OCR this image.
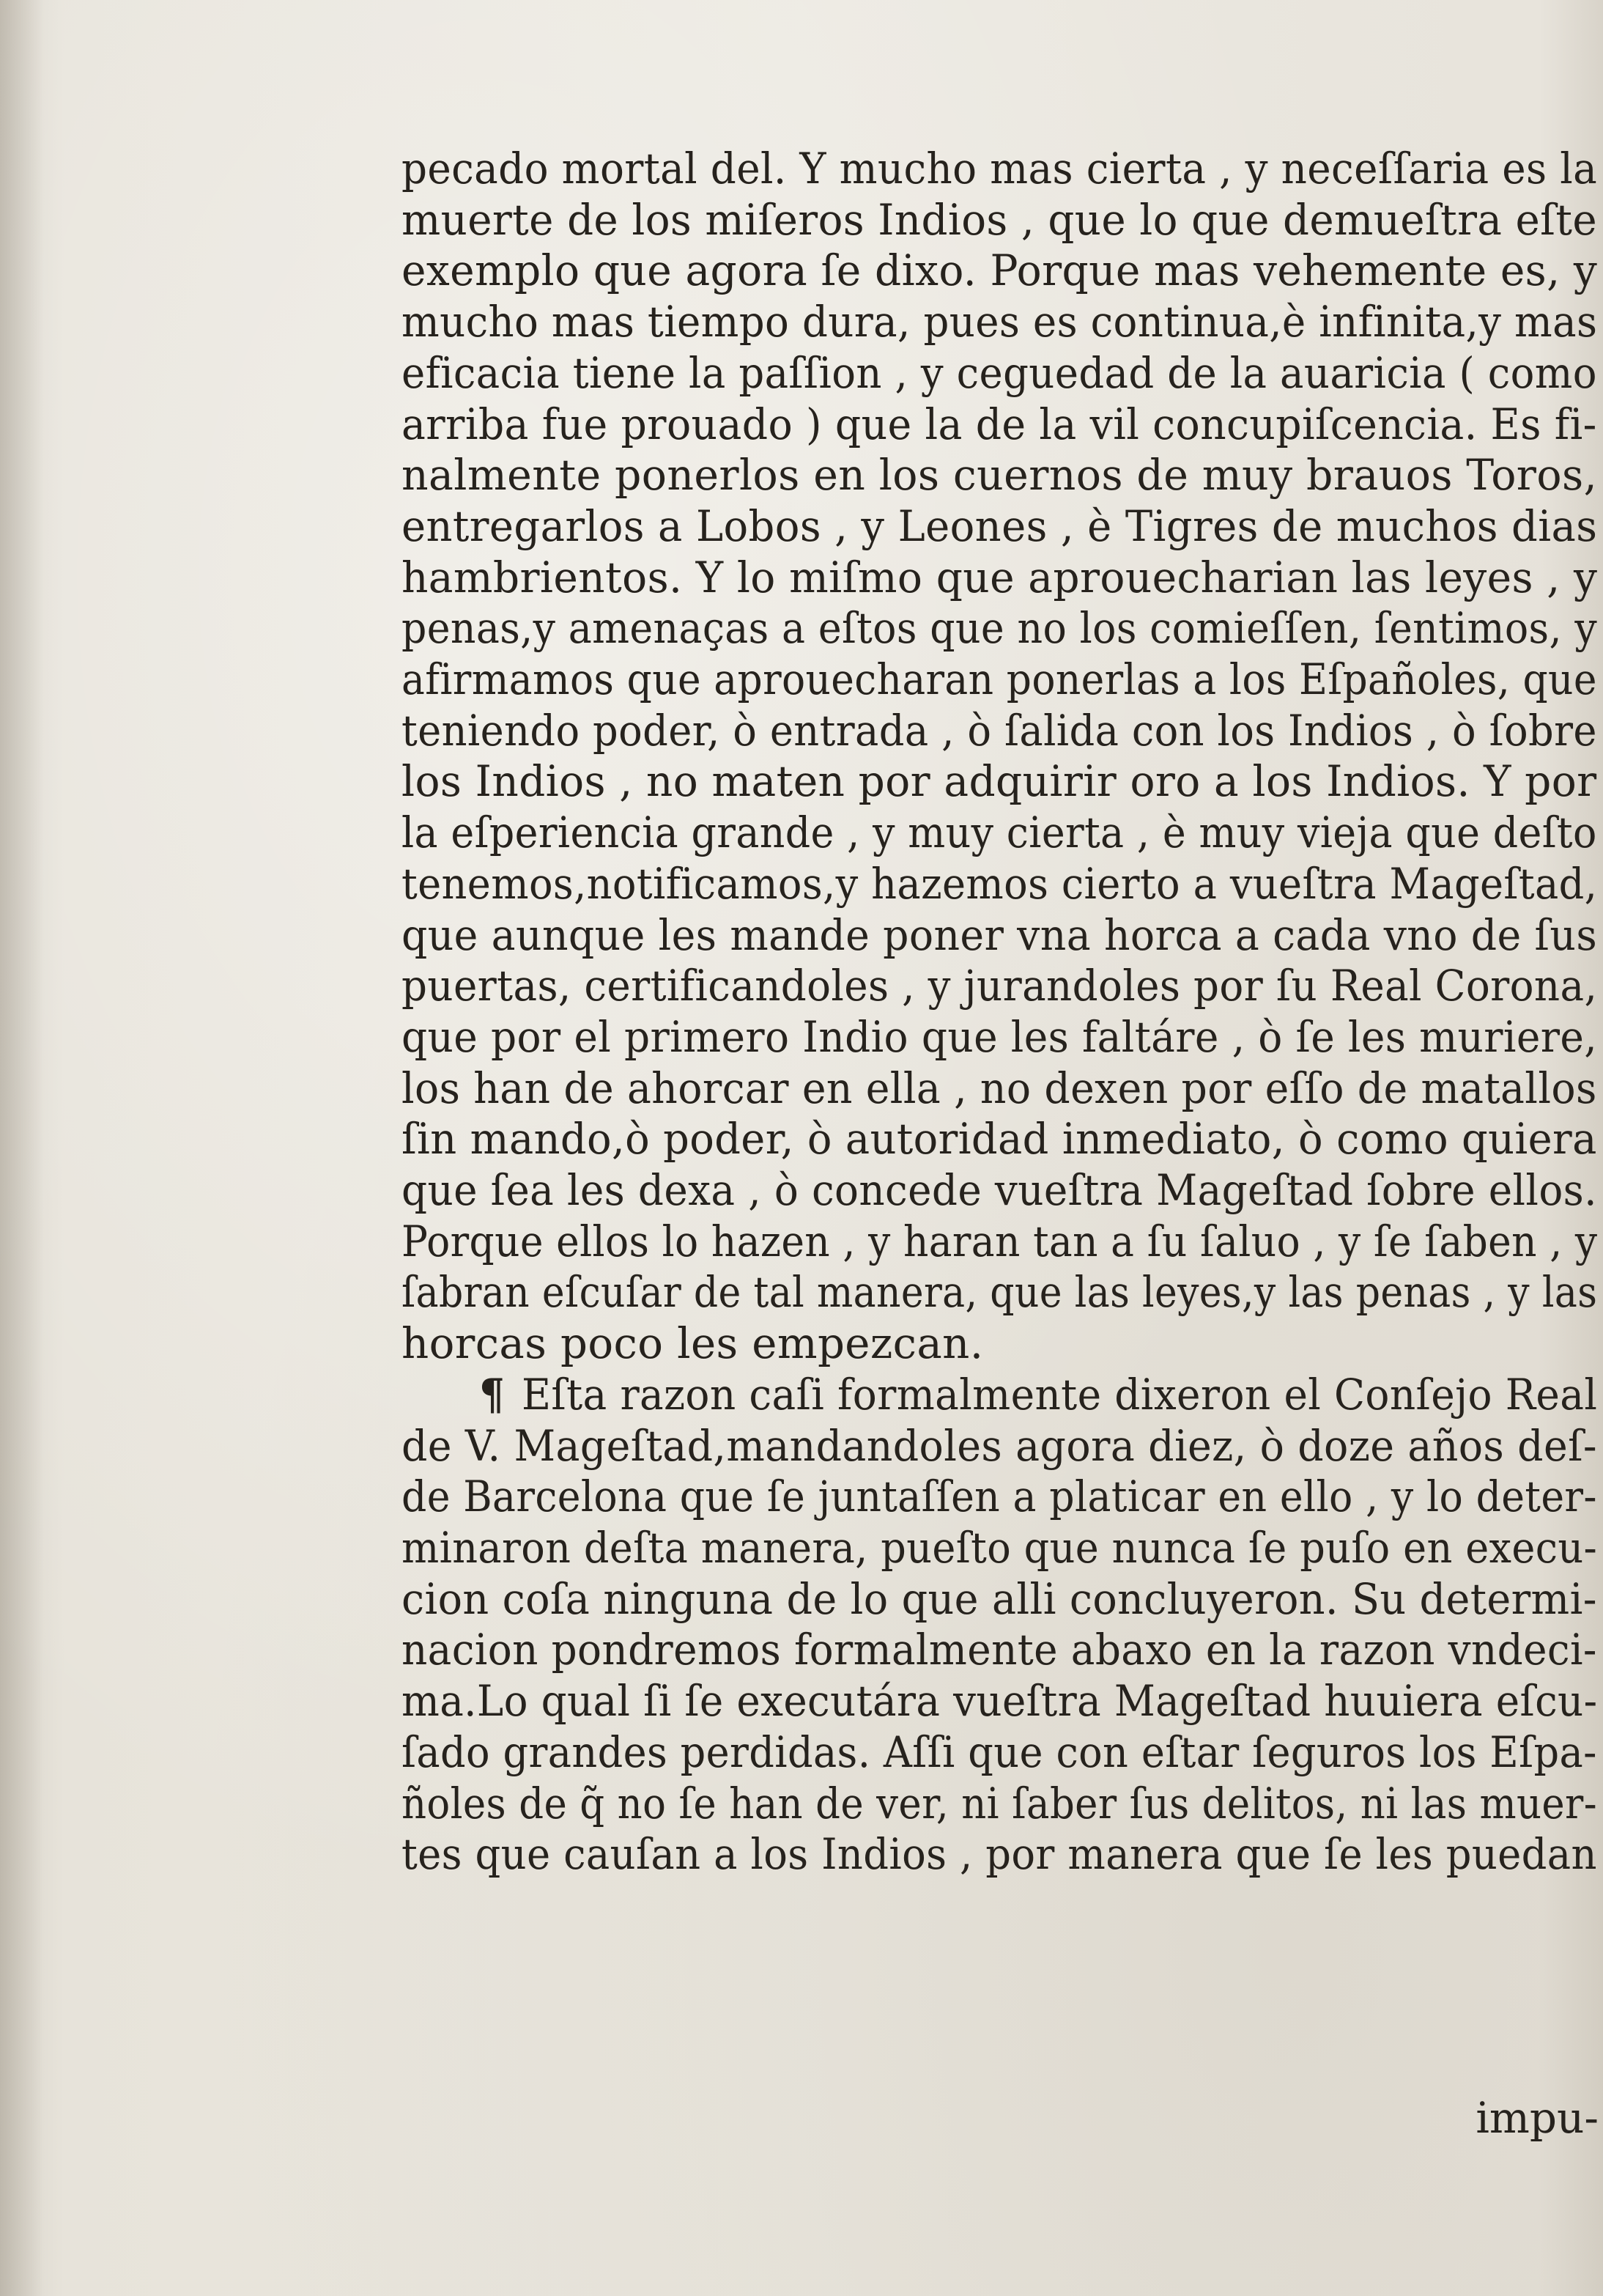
pecado mortal del. Y mucho mas cierta , y neceſſaria es la
muerte de los miſeros Indios , que lo que demueſtra eſte
exemplo que agora ſe dixo. Porque mas vehemente es, y
mucho mas tiempo dura, pues es continua,è infinita,y mas
eficacia tiene la paſſion , y ceguedad de la auaricia ( como
arriba fue prouado ) que la de la vil concupiſcencia. Es fi-
nalmente ponerlos en los cuernos de muy brauos Toros,
entregarlos a Lobos , y Leones , è Tigres de muchos dias
hambrientos. Y lo miſmo que aprouecharian las leyes , y
penas,y amenaças a eſtos que no los comieſſen, ſentimos, y
afirmamos que aprouecharan ponerlas a los Eſpañoles, que
teniendo poder, ò entrada , ò ſalida con los Indios , ò ſobre
los Indios , no maten por adquirir oro a los Indios. Y por
la eſperiencia grande , y muy cierta , è muy vieja que deſto
tenemos,notificamos,y hazemos cierto a vueſtra Mageſtad,
que aunque les mande poner vna horca a cada vno de ſus
puertas, certificandoles , y jurandoles por ſu Real Corona,
que por el primero Indio que les faltáre , ò ſe les muriere,
los han de ahorcar en ella , no dexen por eſſo de matallos
ſin mando,ò poder, ò autoridad inmediato, ò como quiera
que ſea les dexa , ò concede vueſtra Mageſtad ſobre ellos.
Porque ellos lo hazen , y haran tan a ſu ſaluo , y ſe ſaben , y
ſabran eſcuſar de tal manera, que las leyes,y las penas , y las
horcas poco les empezcan.
¶ Eſta razon caſi formalmente dixeron el Conſejo Real
de V. Mageſtad,mandandoles agora diez, ò doze años deſ-
de Barcelona que ſe juntaſſen a platicar en ello , y lo deter-
minaron deſta manera, pueſto que nunca ſe puſo en execu-
cion coſa ninguna de lo que alli concluyeron. Su determi-
nacion pondremos formalmente abaxo en la razon vndeci-
ma.Lo qual ſi ſe executára vueſtra Mageſtad huuiera eſcu-
ſado grandes perdidas. Aſſi que con eſtar ſeguros los Eſpa-
ñoles de q̃ no ſe han de ver, ni ſaber ſus delitos, ni las muer-
tes que cauſan a los Indios , por manera que ſe les puedan
impu-
